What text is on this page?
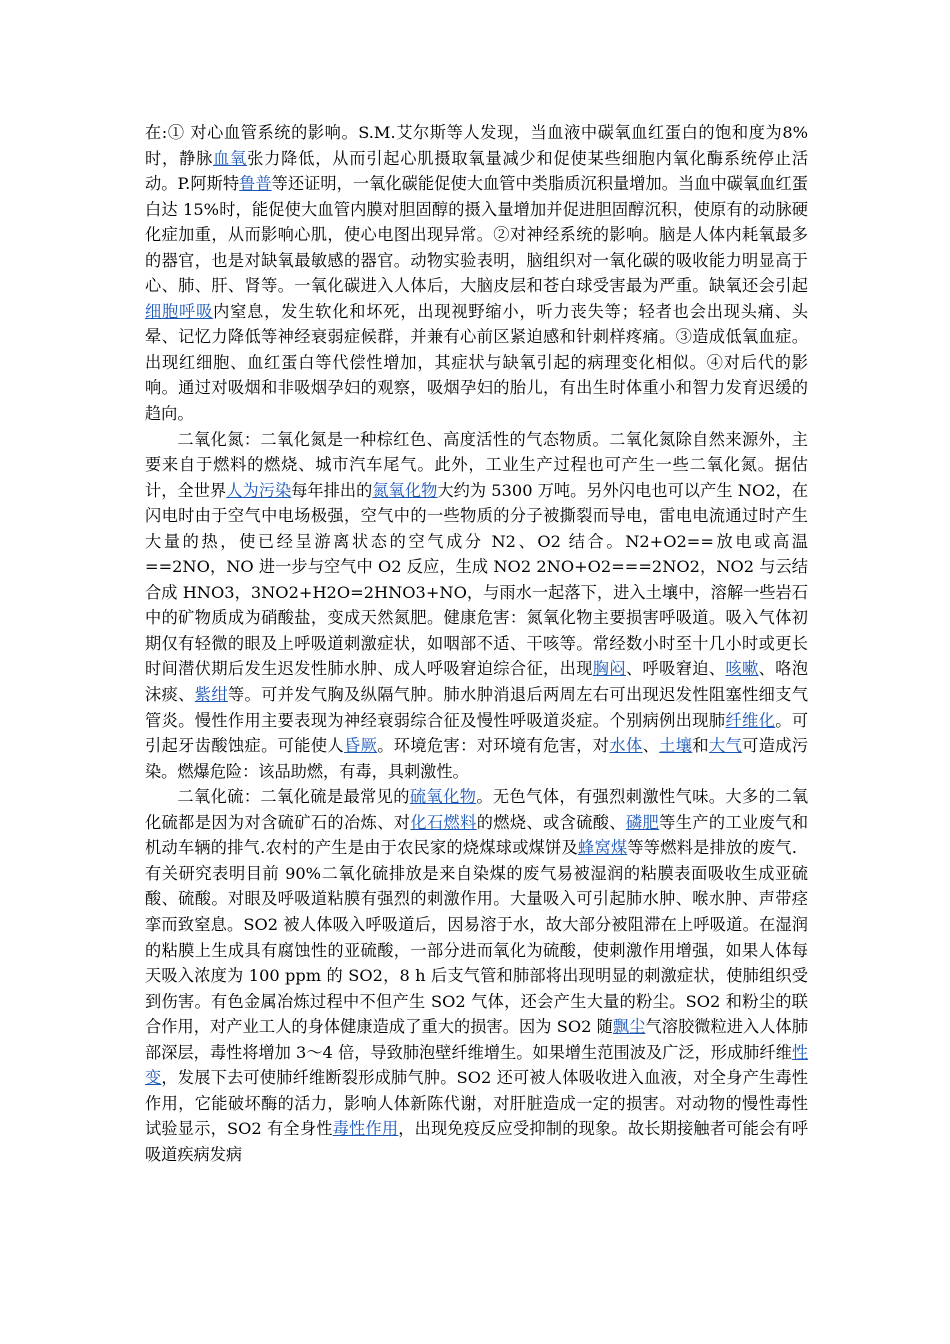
在:① 对心血管系统的影响。S.M.艾尔斯等人发现，当血液中碳氧血红蛋白的饱和度为8%时，静脉血氧张力降低，从而引起心肌摄取氧量减少和促使某些细胞内氧化酶系统停止活动。P.阿斯特鲁普等还证明，一氧化碳能促使大血管中类脂质沉积量增加。当血中碳氧血红蛋白达 15%时，能促使大血管内膜对胆固醇的摄入量增加并促进胆固醇沉积，使原有的动脉硬化症加重，从而影响心肌，使心电图出现异常。②对神经系统的影响。脑是人体内耗氧最多的器官，也是对缺氧最敏感的器官。动物实验表明，脑组织对一氧化碳的吸收能力明显高于心、肺、肝、肾等。一氧化碳进入人体后，大脑皮层和苍白球受害最为严重。缺氧还会引起细胞呼吸内窒息，发生软化和坏死，出现视野缩小，听力丧失等；轻者也会出现头痛、头晕、记忆力降低等神经衰弱症候群，并兼有心前区紧迫感和针刺样疼痛。③造成低氧血症。出现红细胞、血红蛋白等代偿性增加，其症状与缺氧引起的病理变化相似。④对后代的影响。通过对吸烟和非吸烟孕妇的观察，吸烟孕妇的胎儿，有出生时体重小和智力发育迟缓的趋向。

二氧化氮：二氧化氮是一种棕红色、高度活性的气态物质。二氧化氮除自然来源外，主要来自于燃料的燃烧、城市汽车尾气。此外，工业生产过程也可产生一些二氧化氮。据估计，全世界人为污染每年排出的氮氧化物大约为 5300 万吨。另外闪电也可以产生 NO2，在闪电时由于空气中电场极强，空气中的一些物质的分子被撕裂而导电，雷电电流通过时产生大量的热，使已经呈游离状态的空气成分 N2、O2 结合。N2+O2==放电或高温==2NO，NO 进一步与空气中 O2 反应，生成 NO2 2NO+O2===2NO2，NO2 与云结合成 HNO3，3NO2+H2O=2HNO3+NO，与雨水一起落下，进入土壤中，溶解一些岩石中的矿物质成为硝酸盐，变成天然氮肥。健康危害：氮氧化物主要损害呼吸道。吸入气体初期仅有轻微的眼及上呼吸道刺激症状，如咽部不适、干咳等。常经数小时至十几小时或更长时间潜伏期后发生迟发性肺水肿、成人呼吸窘迫综合征，出现胸闷、呼吸窘迫、咳嗽、咯泡沫痰、紫绀等。可并发气胸及纵隔气肿。肺水肿消退后两周左右可出现迟发性阻塞性细支气管炎。慢性作用主要表现为神经衰弱综合征及慢性呼吸道炎症。个别病例出现肺纤维化。可引起牙齿酸蚀症。可能使人昏厥。环境危害：对环境有危害，对水体、土壤和大气可造成污染。燃爆危险：该品助燃，有毒，具刺激性。

二氧化硫：二氧化硫是最常见的硫氧化物。无色气体，有强烈刺激性气味。大多的二氧化硫都是因为对含硫矿石的冶炼、对化石燃料的燃烧、或含硫酸、磷肥等生产的工业废气和机动车辆的排气.农村的产生是由于农民家的烧煤球或煤饼及蜂窝煤等等燃料是排放的废气．有关研究表明目前 90%二氧化硫排放是来自染煤的废气易被湿润的粘膜表面吸收生成亚硫酸、硫酸。对眼及呼吸道粘膜有强烈的刺激作用。大量吸入可引起肺水肿、喉水肿、声带痉挛而致窒息。SO2 被人体吸入呼吸道后，因易溶于水，故大部分被阻滞在上呼吸道。在湿润的粘膜上生成具有腐蚀性的亚硫酸，一部分进而氧化为硫酸，使刺激作用增强，如果人体每天吸入浓度为 100 ppm 的 SO2，8 h 后支气管和肺部将出现明显的刺激症状，使肺组织受到伤害。有色金属冶炼过程中不但产生 SO2 气体，还会产生大量的粉尘。SO2 和粉尘的联合作用，对产业工人的身体健康造成了重大的损害。因为 SO2 随飘尘气溶胶微粒进入人体肺部深层，毒性将增加 3～4 倍，导致肺泡壁纤维增生。如果增生范围波及广泛，形成肺纤维性变，发展下去可使肺纤维断裂形成肺气肿。SO2 还可被人体吸收进入血液，对全身产生毒性作用，它能破坏酶的活力，影响人体新陈代谢，对肝脏造成一定的损害。对动物的慢性毒性试验显示，SO2 有全身性毒性作用，出现免疫反应受抑制的现象。故长期接触者可能会有呼吸道疾病发病
